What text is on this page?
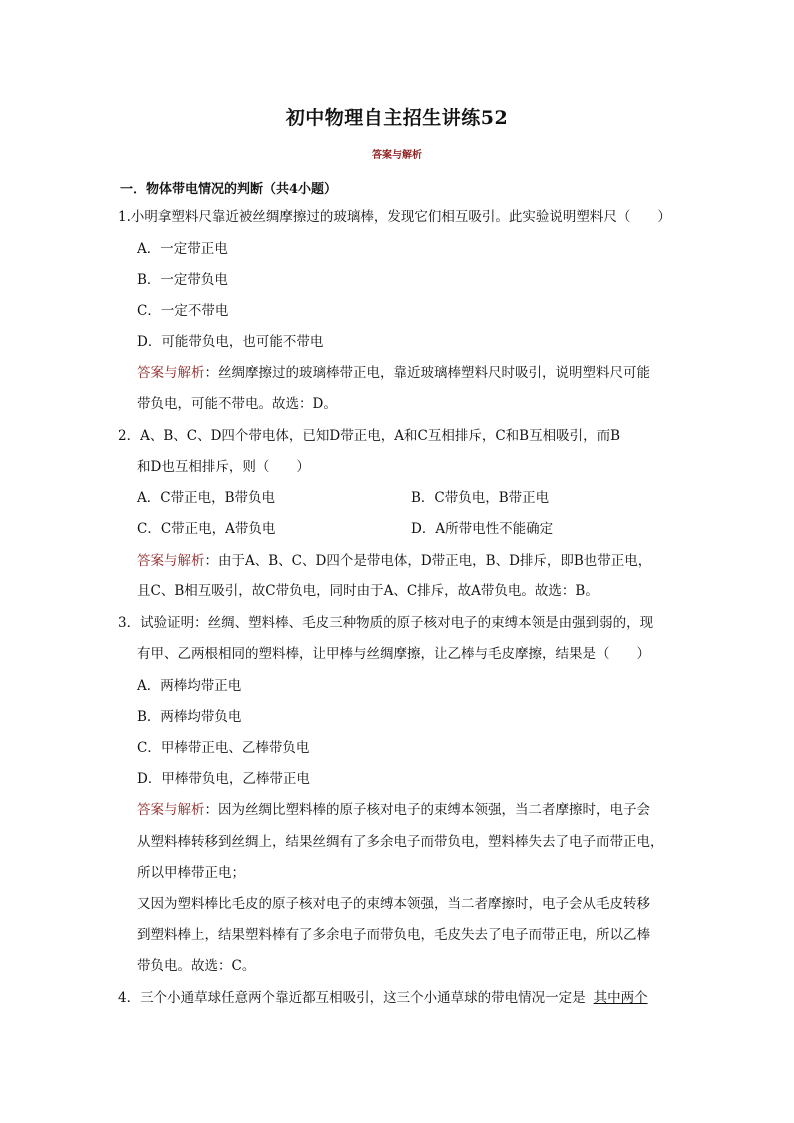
初中物理自主招生讲练52
答案与解析
一．物体带电情况的判断（共4小题）
1.小明拿塑料尺靠近被丝绸摩擦过的玻璃棒，发现它们相互吸引。此实验说明塑料尺（　　）
A．一定带正电
B．一定带负电
C．一定不带电
D．可能带负电，也可能不带电
答案与解析：丝绸摩擦过的玻璃棒带正电，靠近玻璃棒塑料尺时吸引，说明塑料尺可能
带负电，可能不带电。故选：D。
2．A、B、C、D四个带电体，已知D带正电，A和C互相排斥，C和B互相吸引，而B
和D也互相排斥，则（　　）
A．C带正电，B带负电	B．C带负电，B带正电
C．C带正电，A带负电	D．A所带电性不能确定
答案与解析：由于A、B、C、D四个是带电体，D带正电，B、D排斥，即B也带正电，
且C、B相互吸引，故C带负电，同时由于A、C排斥，故A带负电。故选：B。
3．试验证明：丝绸、塑料棒、毛皮三种物质的原子核对电子的束缚本领是由强到弱的，现
有甲、乙两根相同的塑料棒，让甲棒与丝绸摩擦，让乙棒与毛皮摩擦，结果是（　　）
A．两棒均带正电
B．两棒均带负电
C．甲棒带正电、乙棒带负电
D．甲棒带负电，乙棒带正电
答案与解析：因为丝绸比塑料棒的原子核对电子的束缚本领强，当二者摩擦时，电子会
从塑料棒转移到丝绸上，结果丝绸有了多余电子而带负电，塑料棒失去了电子而带正电，
所以甲棒带正电；
又因为塑料棒比毛皮的原子核对电子的束缚本领强，当二者摩擦时，电子会从毛皮转移
到塑料棒上，结果塑料棒有了多余电子而带负电，毛皮失去了电子而带正电，所以乙棒
带负电。故选：C。
4．三个小通草球任意两个靠近都互相吸引，这三个小通草球的带电情况一定是 其中两个
